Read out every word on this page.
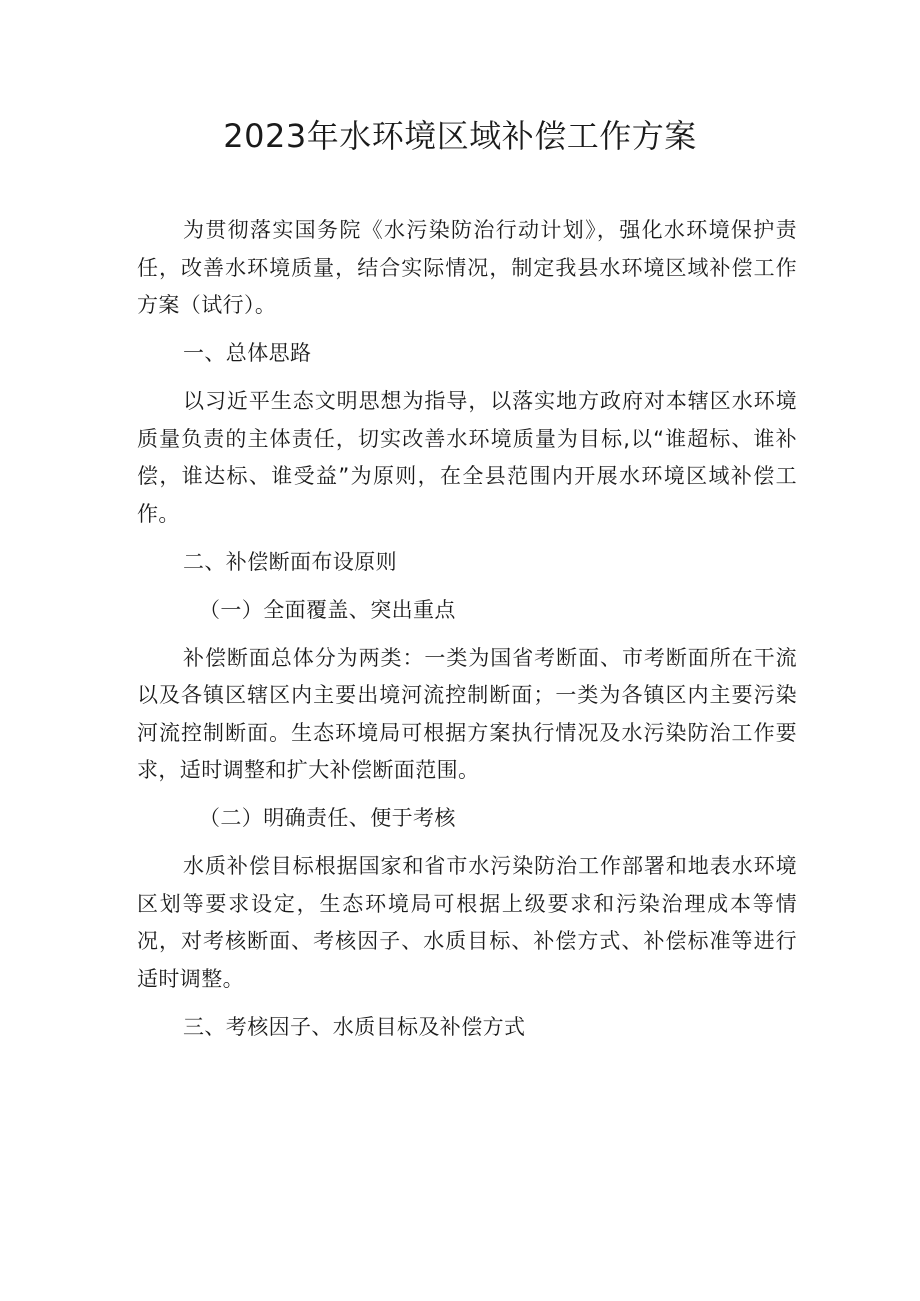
2023年水环境区域补偿工作方案

为贯彻落实国务院《水污染防治行动计划》，强化水环境保护责任，改善水环境质量，结合实际情况，制定我县水环境区域补偿工作方案（试行）。

一、总体思路

以习近平生态文明思想为指导，以落实地方政府对本辖区水环境质量负责的主体责任，切实改善水环境质量为目标,以“谁超标、谁补偿，谁达标、谁受益”为原则，在全县范围内开展水环境区域补偿工作。

二、补偿断面布设原则

（一）全面覆盖、突出重点

补偿断面总体分为两类：一类为国省考断面、市考断面所在干流以及各镇区辖区内主要出境河流控制断面；一类为各镇区内主要污染河流控制断面。生态环境局可根据方案执行情况及水污染防治工作要求，适时调整和扩大补偿断面范围。

（二）明确责任、便于考核

水质补偿目标根据国家和省市水污染防治工作部署和地表水环境区划等要求设定，生态环境局可根据上级要求和污染治理成本等情况，对考核断面、考核因子、水质目标、补偿方式、补偿标准等进行适时调整。

三、考核因子、水质目标及补偿方式
